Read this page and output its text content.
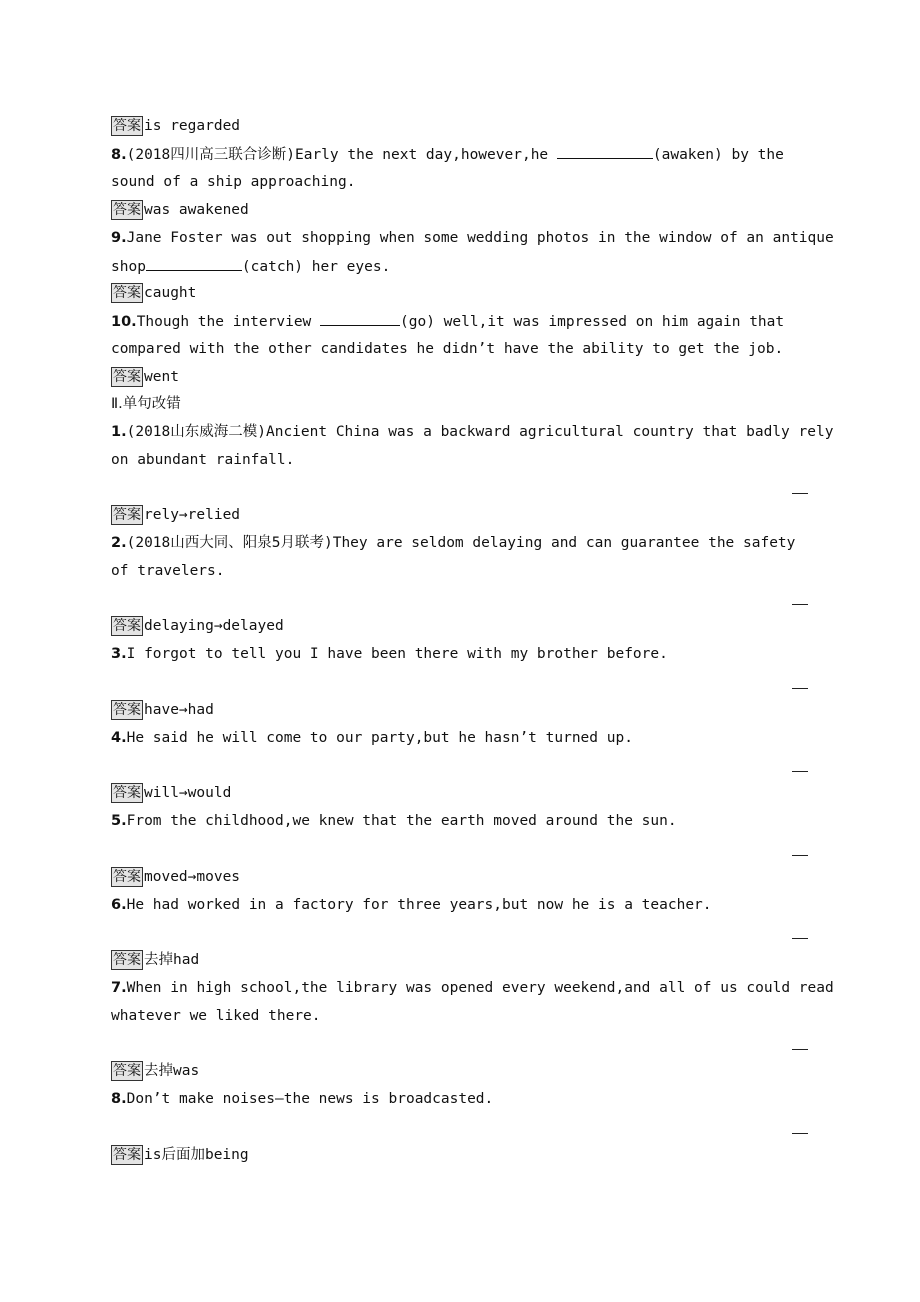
答案 is regarded
8.(2018四川高三联合诊断)Early the next day,however,he	(awaken) by the
sound of a ship approaching.
答案 was awakened
9.Jane Foster was out shopping when some wedding photos in the window of an antique
shop	(catch) her eyes.
答案 caught
10.Though the interview	(go) well,it was impressed on him again that
compared with the other candidates he didn’t have the ability to get the job.
答案 went
Ⅱ.单句改错
1.(2018山东威海二模)Ancient China was a backward agricultural country that badly rely
on abundant rainfall.
答案 rely→relied
2.(2018山西大同、阳泉5月联考)They are seldom delaying and can guarantee the safety
of travelers.
答案 delaying→delayed
3.I forgot to tell you I have been there with my brother before.
答案 have→had
4.He said he will come to our party,but he hasn’t turned up.
答案 will→would
5.From the childhood,we knew that the earth moved around the sun.
答案 moved→moves
6.He had worked in a factory for three years,but now he is a teacher.
答案 去掉had
7.When in high school,the library was opened every weekend,and all of us could read
whatever we liked there.
答案 去掉was
8.Don’t make noises—the news is broadcasted.
答案 is后面加being
